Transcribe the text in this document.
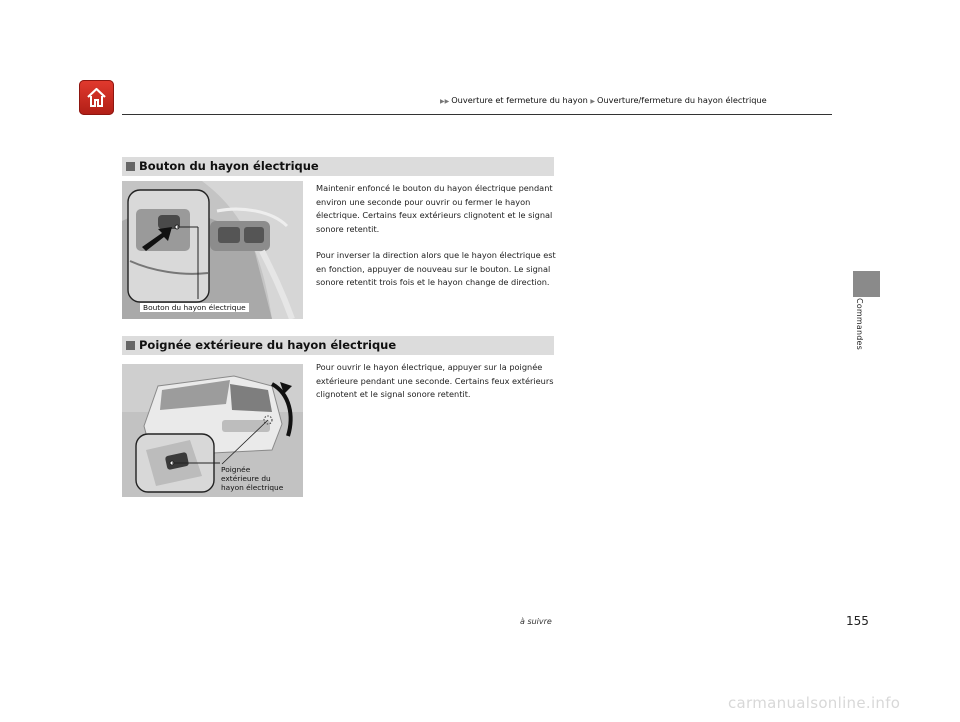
▶▶ Ouverture et fermeture du hayon ▶ Ouverture/fermeture du hayon électrique
Commandes
Bouton du hayon électrique
Bouton du hayon électrique
Maintenir enfoncé le bouton du hayon électrique pendant environ une seconde pour ouvrir ou fermer le hayon électrique. Certains feux extérieurs clignotent et le signal sonore retentit.
Pour inverser la direction alors que le hayon électrique est en fonction, appuyer de nouveau sur le bouton. Le signal sonore retentit trois fois et le hayon change de direction.
Poignée extérieure du hayon électrique
Poignée
extérieure du
hayon électrique
Pour ouvrir le hayon électrique, appuyer sur la poignée extérieure pendant une seconde. Certains feux extérieurs clignotent et le signal sonore retentit.
à suivre	155
carmanualsonline.info
